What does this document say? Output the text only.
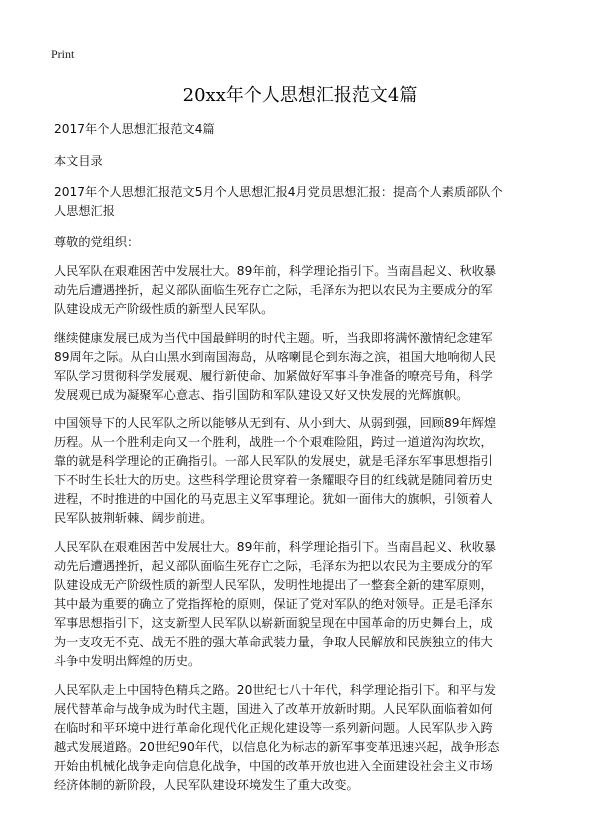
Print
20xx年个人思想汇报范文4篇

2017年个人思想汇报范文4篇

本文目录

2017年个人思想汇报范文5月个人思想汇报4月党员思想汇报：提高个人素质部队个
人思想汇报

尊敬的党组织：

人民军队在艰难困苦中发展壮大。89年前，科学理论指引下。当南昌起义、秋收暴
动先后遭遇挫折，起义部队面临生死存亡之际，毛泽东为把以农民为主要成分的军
队建设成无产阶级性质的新型人民军队。

继续健康发展已成为当代中国最鲜明的时代主题。听，当我即将满怀激情纪念建军
89周年之际。从白山黑水到南国海岛，从喀喇昆仑到东海之滨，祖国大地响彻人民
军队学习贯彻科学发展观、履行新使命、加紧做好军事斗争准备的嘹亮号角，科学
发展观已成为凝聚军心意志、指引国防和军队建设又好又快发展的光辉旗帜。

中国领导下的人民军队之所以能够从无到有、从小到大、从弱到强，回顾89年辉煌
历程。从一个胜利走向又一个胜利，战胜一个个艰难险阻，跨过一道道沟沟坎坎，
靠的就是科学理论的正确指引。一部人民军队的发展史，就是毛泽东军事思想指引
下不时生长壮大的历史。这些科学理论贯穿着一条耀眼夺目的红线就是随同着历史
进程，不时推进的中国化的马克思主义军事理论。犹如一面伟大的旗帜，引领着人
民军队披荆斩棘、阔步前进。

人民军队在艰难困苦中发展壮大。89年前，科学理论指引下。当南昌起义、秋收暴
动先后遭遇挫折，起义部队面临生死存亡之际，毛泽东为把以农民为主要成分的军
队建设成无产阶级性质的新型人民军队，发明性地提出了一整套全新的建军原则，
其中最为重要的确立了党指挥枪的原则，保证了党对军队的绝对领导。正是毛泽东
军事思想指引下，这支新型人民军队以崭新面貌呈现在中国革命的历史舞台上，成
为一支攻无不克、战无不胜的强大革命武装力量，争取人民解放和民族独立的伟大
斗争中发明出辉煌的历史。

人民军队走上中国特色精兵之路。20世纪七八十年代，科学理论指引下。和平与发
展代替革命与战争成为时代主题，国进入了改革开放新时期。人民军队面临着如何
在临时和平环境中进行革命化现代化正规化建设等一系列新问题。人民军队步入跨
越式发展道路。20世纪90年代，以信息化为标志的新军事变革迅速兴起，战争形态
开始由机械化战争走向信息化战争，中国的改革开放也进入全面建设社会主义市场
经济体制的新阶段，人民军队建设环境发生了重大改变。
